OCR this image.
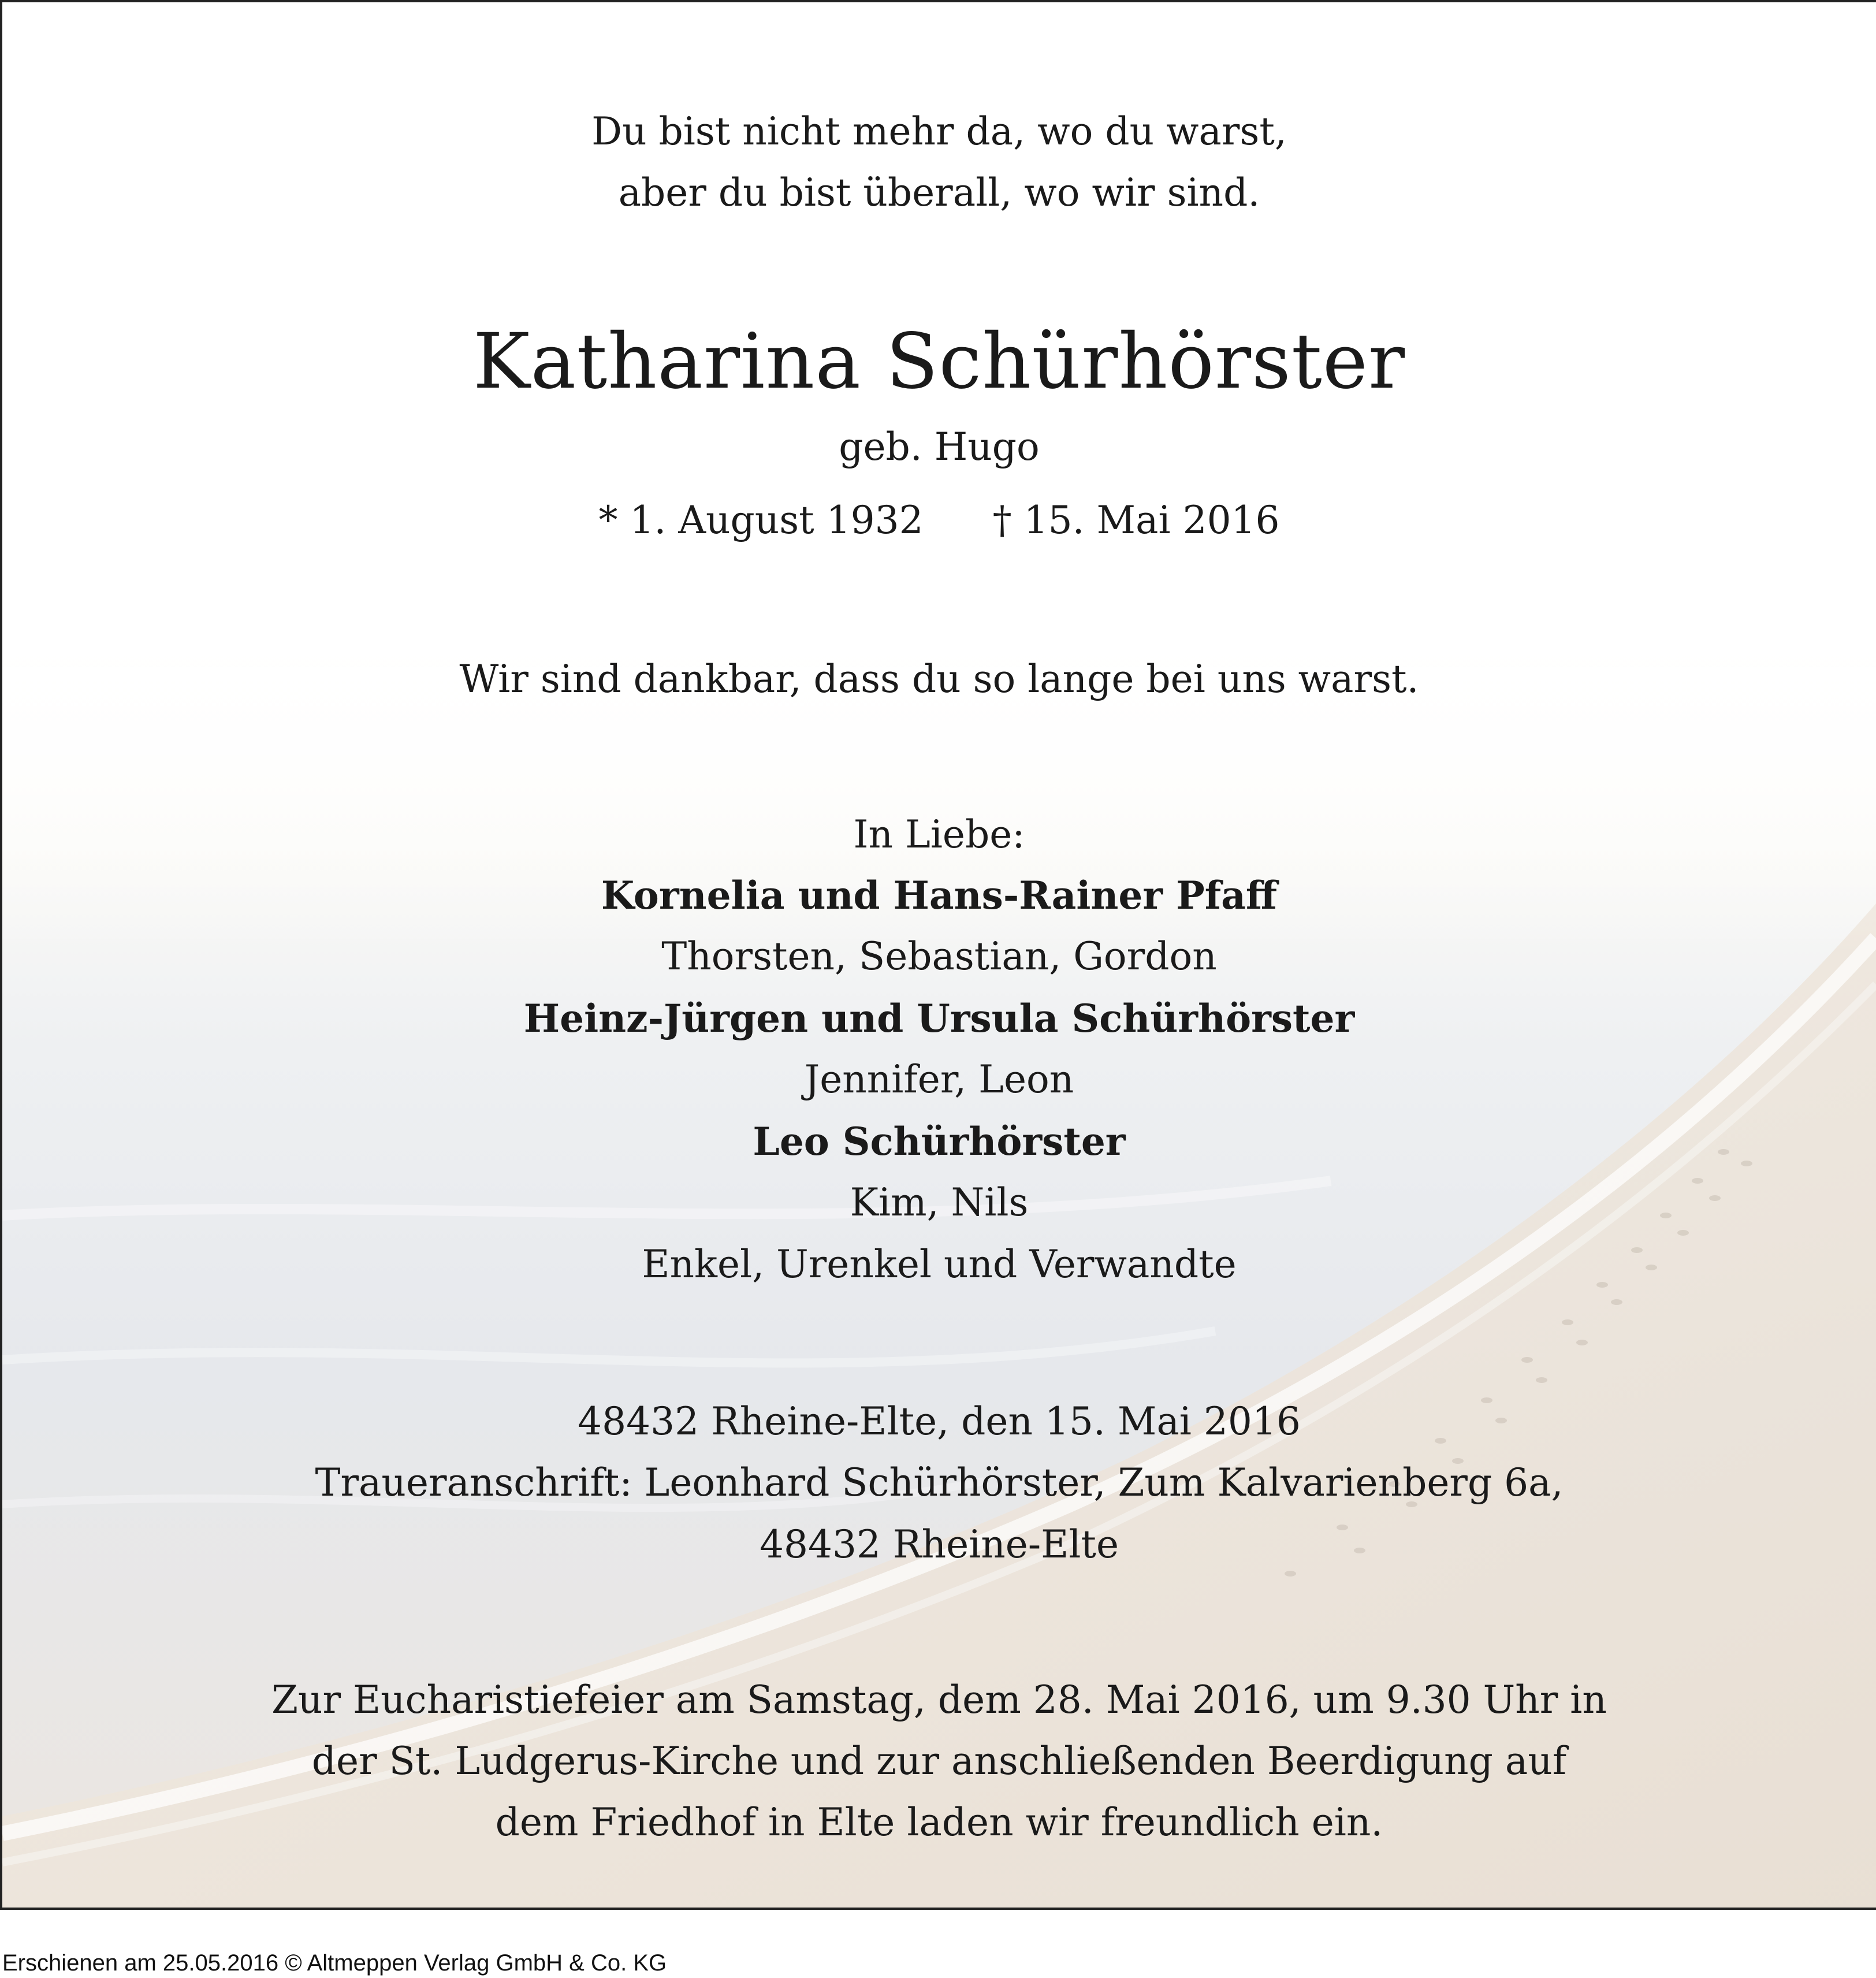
Du bist nicht mehr da, wo du warst,
aber du bist überall, wo wir sind.
Katharina Schürhörster
geb. Hugo
* 1. August 1932 † 15. Mai 2016
Wir sind dankbar, dass du so lange bei uns warst.
In Liebe:
Kornelia und Hans-Rainer Pfaff
Thorsten, Sebastian, Gordon
Heinz-Jürgen und Ursula Schürhörster
Jennifer, Leon
Leo Schürhörster
Kim, Nils
Enkel, Urenkel und Verwandte
48432 Rheine-Elte, den 15. Mai 2016
Traueranschrift: Leonhard Schürhörster, Zum Kalvarienberg 6a,
48432 Rheine-Elte
Zur Eucharistiefeier am Samstag, dem 28. Mai 2016, um 9.30 Uhr in
der St. Ludgerus-Kirche und zur anschließenden Beerdigung auf
dem Friedhof in Elte laden wir freundlich ein.
Erschienen am 25.05.2016 © Altmeppen Verlag GmbH & Co. KG
